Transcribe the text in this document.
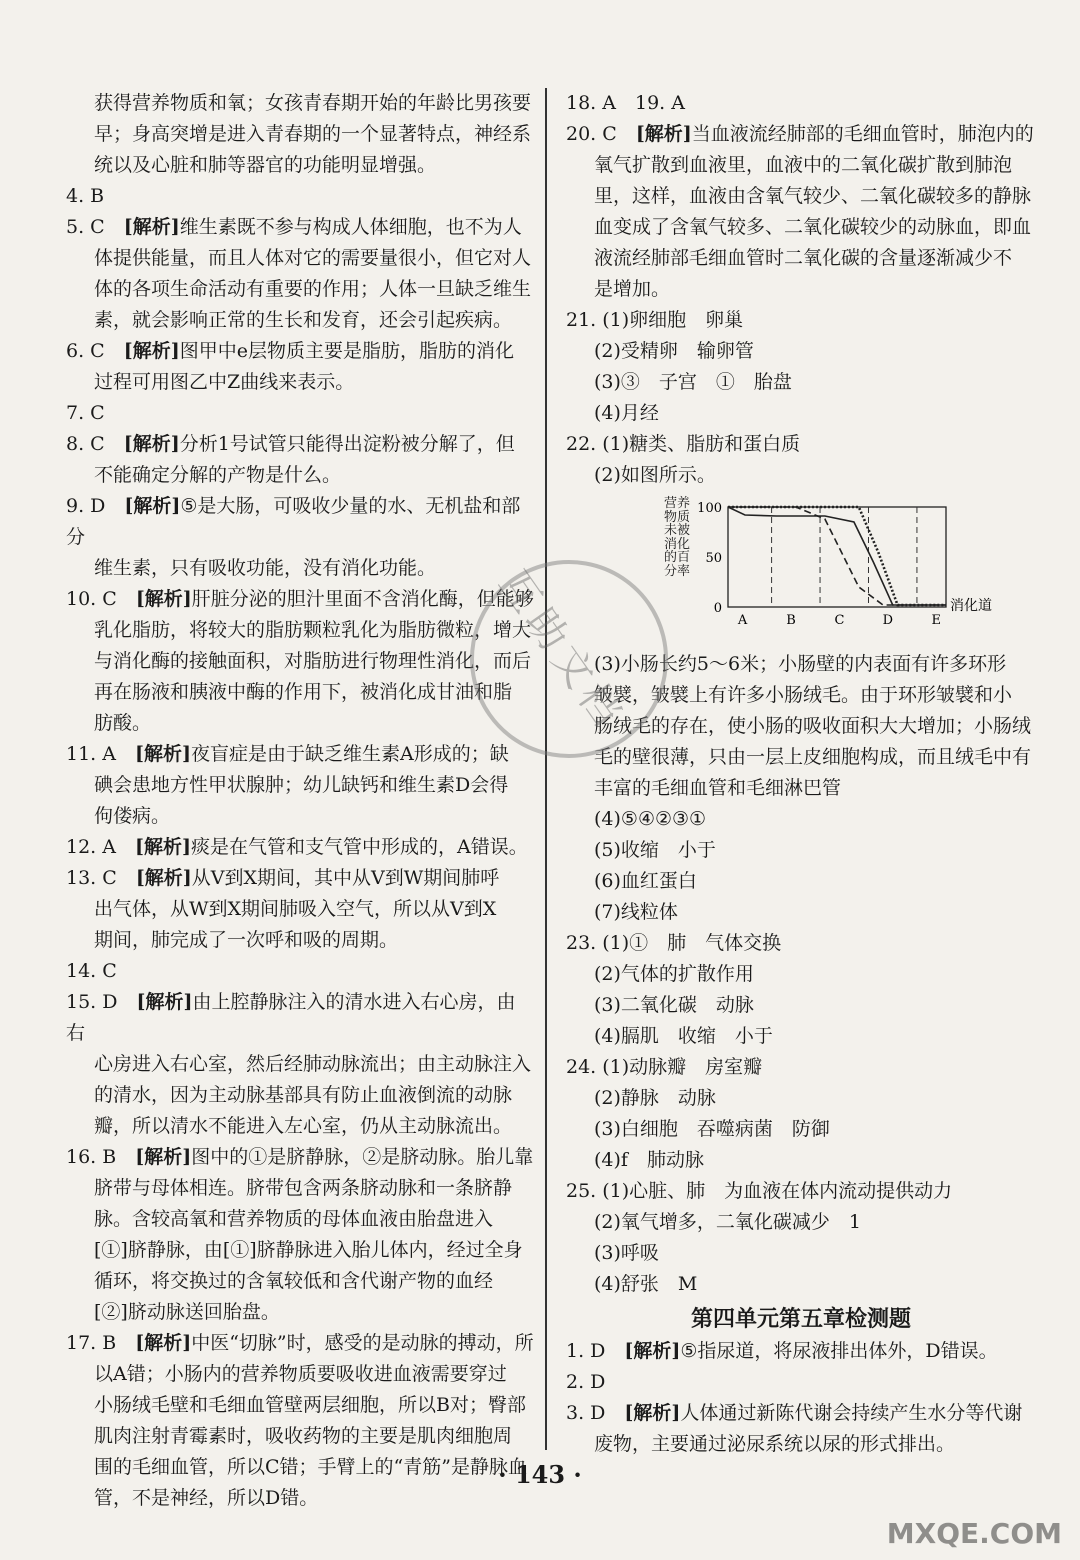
获得营养物质和氧；女孩青春期开始的年龄比男孩要
早；身高突增是进入青春期的一个显著特点，神经系
统以及心脏和肺等器官的功能明显增强。
4. B　
5. C　[解析]维生素既不参与构成人体细胞，也不为人
体提供能量，而且人体对它的需要量很小，但它对人
体的各项生命活动有重要的作用；人体一旦缺乏维生
素，就会影响正常的生长和发育，还会引起疾病。
6. C　[解析]图甲中e层物质主要是脂肪，脂肪的消化
过程可用图乙中Z曲线来表示。
7. C　
8. C　[解析]分析1号试管只能得出淀粉被分解了，但
不能确定分解的产物是什么。
9. D　[解析]⑤是大肠，可吸收少量的水、无机盐和部分
维生素，只有吸收功能，没有消化功能。
10. C　[解析]肝脏分泌的胆汁里面不含消化酶，但能够
乳化脂肪，将较大的脂肪颗粒乳化为脂肪微粒，增大
与消化酶的接触面积，对脂肪进行物理性消化，而后
再在肠液和胰液中酶的作用下，被消化成甘油和脂
肪酸。
11. A　[解析]夜盲症是由于缺乏维生素A形成的；缺
碘会患地方性甲状腺肿；幼儿缺钙和维生素D会得
佝偻病。
12. A　[解析]痰是在气管和支气管中形成的，A错误。
13. C　[解析]从V到X期间，其中从V到W期间肺呼
出气体，从W到X期间肺吸入空气，所以从V到X
期间，肺完成了一次呼和吸的周期。
14. C　
15. D　[解析]由上腔静脉注入的清水进入右心房，由右
心房进入右心室，然后经肺动脉流出；由主动脉注入
的清水，因为主动脉基部具有防止血液倒流的动脉
瓣，所以清水不能进入左心室，仍从主动脉流出。
16. B　[解析]图中的①是脐静脉，②是脐动脉。胎儿靠
脐带与母体相连。脐带包含两条脐动脉和一条脐静
脉。含较高氧和营养物质的母体血液由胎盘进入
[①]脐静脉，由[①]脐静脉进入胎儿体内，经过全身
循环，将交换过的含氧较低和含代谢产物的血经
[②]脐动脉送回胎盘。
17. B　[解析]中医“切脉”时，感受的是动脉的搏动，所
以A错；小肠内的营养物质要吸收进血液需要穿过
小肠绒毛壁和毛细血管壁两层细胞，所以B对；臀部
肌肉注射青霉素时，吸收药物的主要是肌肉细胞周
围的毛细血管，所以C错；手臂上的“青筋”是静脉血
管，不是神经，所以D错。
18. A　19. A
20. C　[解析]当血液流经肺部的毛细血管时，肺泡内的
氧气扩散到血液里，血液中的二氧化碳扩散到肺泡
里，这样，血液由含氧气较少、二氧化碳较多的静脉
血变成了含氧气较多、二氧化碳较少的动脉血，即血
液流经肺部毛细血管时二氧化碳的含量逐渐减少不
是增加。
21. (1)卵细胞　卵巢
(2)受精卵　输卵管
(3)③　子宫　①　胎盘
(4)月经
22. (1)糖类、脂肪和蛋白质
(2)如图所示。
营养物质
未被消化
的百分率
0
50
100
A	B	C	D	E
消化道
(3)小肠长约5～6米；小肠壁的内表面有许多环形
皱襞，皱襞上有许多小肠绒毛。由于环形皱襞和小
肠绒毛的存在，使小肠的吸收面积大大增加；小肠绒
毛的壁很薄，只由一层上皮细胞构成，而且绒毛中有
丰富的毛细血管和毛细淋巴管
(4)⑤④②③①
(5)收缩　小于
(6)血红蛋白
(7)线粒体
23. (1)①　肺　气体交换
(2)气体的扩散作用
(3)二氧化碳　动脉
(4)膈肌　收缩　小于
24. (1)动脉瓣　房室瓣
(2)静脉　动脉
(3)白细胞　吞噬病菌　防御
(4)f　肺动脉
25. (1)心脏、肺　为血液在体内流动提供动力
(2)氧气增多，二氧化碳减少　1
(3)呼吸
(4)舒张　M
第四单元第五章检测题
1. D　[解析]⑤指尿道，将尿液排出体外，D错误。
2. D　
3. D　[解析]人体通过新陈代谢会持续产生水分等代谢
废物，主要通过泌尿系统以尿的形式排出。
· 143 ·
互助文档
MXQE.COM
